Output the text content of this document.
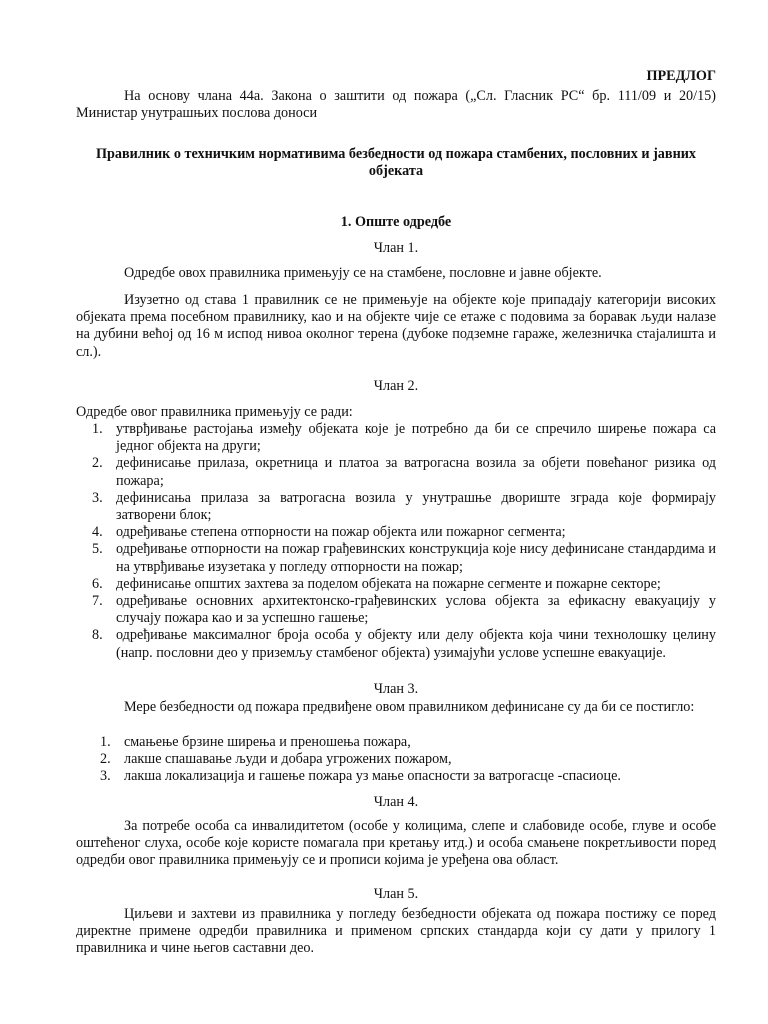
ПРЕДЛОГ
На основу члана 44а. Закона о заштити од пожара („Сл. Гласник РС“ бр. 111/09 и 20/15) Министар унутрашњих послова доноси
Правилник о техничким нормативима безбедности од пожара стамбених, пословних и јавних објеката
1. Опште одредбе
Члан 1.
Одредбе овох правилника примењују се на стамбене, пословне и јавне објекте.
Изузетно од става 1 правилник се не примењује на објекте које припадају категорији високих објеката према посебном правилнику, као и на објекте чије се етаже с подовима за боравак људи налазе на дубини већој од 16 м испод нивоа околног терена (дубоке подземне гараже, железничка стајалишта и сл.).
Члан 2.
Одредбе овог правилника примењују се ради:
1. утврђивање растојања између објеката које је потребно да би се спречило ширење пожара са једног објекта на други;
2. дефинисање прилаза, окретница и платоа за ватрогасна возила за објети повећаног ризика од пожара;
3. дефинисања прилаза за ватрогасна возила у унутрашње двориште зграда које формирају затворени блок;
4. одређивање степена отпорности на пожар објекта или пожарног сегмента;
5. одређивање отпорности на пожар грађевинских конструкција које нису дефинисане стандардима и на утврђивање изузетака у погледу отпорности на пожар;
6. дефинисање општих захтева за поделом објеката на пожарне сегменте и пожарне секторе;
7. одређивање основних архитектонско-грађевинских услова објекта за ефикасну евакуацију у случају пожара као и за успешно гашење;
8. одређивање максималног броја особа у објекту или делу објекта која чини технолошку целину (напр. пословни део у приземљу стамбеног објекта) узимајући услове успешне евакуације.
Члан 3.
Мере безбедности од пожара предвиђене овом правилником дефинисане су да би се постигло:
1. смањење брзине ширења и преношења пожара,
2. лакше спашавање људи и добара угрожених пожаром,
3. лакша локализација и гашење пожара уз мање опасности за ватрогасце -спасиоце.
Члан 4.
За потребе особа са инвалидитетом (особе у колицима, слепе и слабовиде особе, глуве и особе оштећеног слуха, особе које користе помагала при кретању итд.) и особа смањене покретљивости поред одредби овог правилника примењују се и прописи којима је уређена ова област.
Члан 5.
Циљеви и захтеви из правилника у погледу безбедности објеката од пожара постижу се поред директне примене одредби правилника и применом српских стандарда који су дати у прилогу 1 правилника и чине његов саставни део.
